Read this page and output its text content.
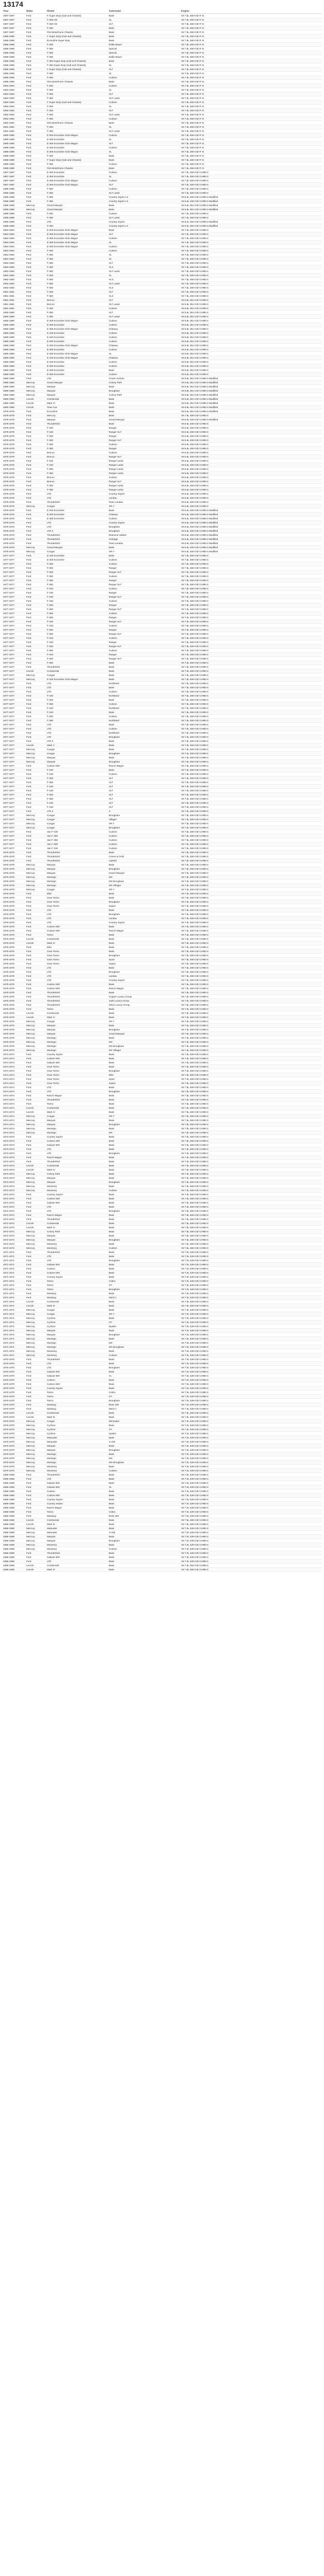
13174
Year	Make	Model	Submodel	Engine
1997-1997	Ford	F Super Duty (Cab and Chassis)	Base	V8 7.5L 460-CID FI N
1997-1997	Ford	F-250 HD	XL	V8 7.5L 460-CID FI N
1997-1997	Ford	F-250 HD	XLT	V8 7.5L 460-CID FI N
1997-1997	Ford	F-350	Base	V8 7.5L 460-CID FI N
1997-1997	Ford	F53 Motorhome Chassis	Base	V8 7.5L 460-CID FI N
1996-1996	Ford	F Super Duty (Cab and Chassis)	Base	V8 7.5L 460-CID FI N
1996-1996	Ford	Econoline Super Duty	Base	V8 7.5L 460-CID FI N
1996-1996	Ford	F-250	Eddie Bauer	V8 7.5L 460-CID FI N
1996-1996	Ford	F-250	Special	V8 7.5L 460-CID FI N
1996-1996	Ford	F-350	Special	V8 7.5L 460-CID FI N
1996-1996	Ford	F-350	Eddie Bauer	V8 7.5L 460-CID FI N
1996-1996	Ford	F-350 Super Duty (Cab and Chassis)	Base	V8 7.5L 460-CID FI N
1995-1995	Ford	F-350 Super Duty (Cab and Chassis)	XL	V8 7.5L 460-CID FI N
1995-1995	Ford	F Super Duty (Cab and Chassis)	XLT	V8 7.5L 460-CID FI N
1995-1995	Ford	F-350	XL	V8 7.5L 460-CID FI N
1995-1995	Ford	F-350	Custom	V8 7.5L 460-CID FI N
1995-1995	Ford	F53 Motorhome Chassis	Base	V8 7.5L 460-CID FI N
1994-1994	Ford	F-250	Custom	V8 7.5L 460-CID FI N
1994-1994	Ford	F-250	XL	V8 7.5L 460-CID FI N
1994-1994	Ford	F-250	XLT	V8 7.5L 460-CID FI N
1994-1994	Ford	F-350	XLT Lariat	V8 7.5L 460-CID FI N
1993-1993	Ford	F Super Duty (Cab and Chassis)	Custom	V8 7.5L 460-CID FI N
1993-1993	Ford	F-250	XL	V8 7.5L 460-CID FI N
1993-1993	Ford	F-250	XLT	V8 7.5L 460-CID FI N
1992-1992	Ford	F-250	XLT Lariat	V8 7.5L 460-CID FI N
1992-1992	Ford	F-350	Custom	V8 7.5L 460-CID FI N
1992-1992	Ford	F53 Motorhome Chassis	Base	V8 7.5L 460-CID FI N
1991-1991	Ford	F-250	XL	V8 7.5L 460-CID FI N
1991-1991	Ford	F-350	XLT Lariat	V8 7.5L 460-CID FI N
1990-1990	Ford	E-250 Econoline Club Wagon	Custom	V8 7.5L 460-CID FI N
1990-1990	Ford	E-350 Econoline	XL	V8 7.5L 460-CID FI N
1990-1990	Ford	E-350 Econoline Club Wagon	XLT	V8 7.5L 460-CID FI N
1989-1989	Ford	E-250 Econoline	Custom	V8 7.5L 460-CID FI N
1989-1989	Ford	E-350 Econoline Club Wagon	XL	V8 7.5L 460-CID FI N
1989-1989	Ford	F-250	Base	V8 7.5L 460-CID FI N
1988-1988	Ford	F Super Duty (Cab and Chassis)	Base	V8 7.5L 460-CID FI N
1988-1988	Ford	F-350	Custom	V8 7.5L 460-CID FI N
1988-1988	Ford	F53 Motorhome Chassis	Base	V8 7.5L 460-CID FI N
1987-1987	Ford	E-250 Econoline	Custom	V8 7.5L 460-CID CARB N
1987-1987	Ford	E-350 Econoline	XL	V8 7.5L 460-CID CARB N
1987-1987	Ford	E-350 Econoline Club Wagon	Custom	V8 7.5L 460-CID CARB N
1987-1987	Ford	E-350 Econoline Club Wagon	XLT	V8 7.5L 460-CID CARB N
1986-1986	Ford	F-250	Custom	V8 7.5L 460-CID CARB N
1986-1986	Ford	F-350	XLT Lariat	V8 7.5L 460-CID CARB N
1986-1986	Ford	F-250	Country Squire LX	V8 6.6L 400-CID CARB N Modified
1986-1986	Ford	F-350	Country Squire LX	V8 6.6L 400-CID CARB N Modified
1986-1986	Mercury	Grand Marquis	Base	V8 5.8L 351-CID CARB N Modified
1986-1986	Mercury	Grand Marquis	Base	V8 5.8L 351-CID CARB N Modified
1985-1985	Ford	F-250	Custom	V8 7.5L 460-CID CARB N
1985-1985	Ford	F-350	XLT Lariat	V8 7.5L 460-CID CARB N
1985-1985	Ford	LTD	Country Squire	V8 5.0L 302-CID CARB N Modified
1985-1985	Ford	F-250	Country Squire LX	V8 5.0L 302-CID CARB N Modified
1984-1984	Ford	E-250 Econoline Club Wagon	Base	V8 7.5L 460-CID CARB N
1984-1984	Ford	E-350 Econoline Club Wagon	XLT	V8 7.5L 460-CID CARB N
1984-1984	Ford	E-350 Econoline Club Wagon	Custom	V8 7.5L 460-CID CARB N
1984-1984	Ford	E-350 Econoline Club Wagon	XL	V8 7.5L 460-CID CARB N
1984-1984	Ford	E-350 Econoline Club Wagon	Custom	V8 7.5L 460-CID CARB N
1984-1984	Ford	F-250	Custom	V8 7.5L 460-CID CARB N
1984-1984	Ford	F-250	XL	V8 7.5L 460-CID CARB N
1984-1984	Ford	F-350	XL	V8 7.5L 460-CID CARB N
1983-1983	Ford	F-250	XLT	V8 7.5L 460-CID CARB N
1983-1983	Ford	F-350	XLS	V8 7.5L 460-CID CARB N
1983-1983	Ford	F-350	XLT Lariat	V8 7.5L 460-CID CARB N
1982-1982	Ford	F-250	XL	V8 7.5L 460-CID CARB N
1982-1982	Ford	F-250	XLS	V8 7.5L 460-CID CARB N
1982-1982	Ford	F-350	XLT Lariat	V8 7.5L 460-CID CARB N
1982-1982	Ford	F-350	XLS	V8 7.5L 460-CID CARB N
1981-1981	Ford	F-250	XLT	V8 7.5L 460-CID CARB N
1981-1981	Ford	F-350	XLS	V8 7.5L 460-CID CARB N
1981-1981	Ford	Bronco	XLT	V8 5.8L 351-CID CARB N
1981-1981	Ford	Bronco	XLT Lariat	V8 5.8L 351-CID CARB N
1981-1981	Ford	F-250	Custom	V8 5.8L 351-CID CARB N
1980-1980	Ford	F-250	XLT	V8 5.8L 351-CID CARB N
1980-1980	Ford	F-350	XLT Lariat	V8 5.8L 351-CID CARB N
1980-1980	Ford	E-250 Econoline Club Wagon	Custom	V8 5.8L 351-CID CARB N
1980-1980	Ford	E-350 Econoline	Custom	V8 5.8L 351-CID CARB N
1980-1980	Ford	E-350 Econoline Club Wagon	Chateau	V8 5.8L 351-CID CARB N
1980-1980	Ford	E-100 Econoline	Custom	V8 5.8L 351-CID CARB N
1980-1980	Ford	E-150 Econoline	Custom	V8 5.8L 351-CID CARB N
1980-1980	Ford	E-250 Econoline	Custom	V8 5.8L 351-CID CARB N
1980-1980	Ford	E-250 Econoline Club Wagon	Chateau	V8 5.8L 351-CID CARB N
1980-1980	Ford	E-350 Econoline	Custom	V8 5.8L 351-CID CARB N
1980-1980	Ford	E-350 Econoline Club Wagon	XL	V8 5.8L 351-CID CARB N
1980-1980	Ford	E-100 Econoline Club Wagon	Chateau	V8 5.8L 351-CID CARB N
1980-1980	Ford	E-150 Econoline	Custom	V8 5.8L 351-CID CARB N
1980-1980	Ford	E-250 Econoline	Custom	V8 5.8L 351-CID CARB N
1980-1980	Ford	E-250 Econoline	Base	V8 5.8L 351-CID CARB N
1980-1980	Ford	E-350 Econoline	Custom	V8 5.8L 351-CID CARB N
1980-1980	Ford	LTD	Crown Victoria	V8 5.8L 351-CID CARB N Modified
1980-1980	Mercury	Grand Marquis	Colony Park	V8 5.8L 351-CID CARB N Modified
1980-1980	Mercury	Marquis	Base	V8 5.8L 351-CID CARB N Modified
1980-1980	Mercury	Marquis	Brougham	V8 5.8L 351-CID CARB N Modified
1980-1980	Mercury	Marquis	Colony Park	V8 5.8L 351-CID CARB N Modified
1980-1980	Lincoln	Continental	Base	V8 5.8L 351-CID CARB N Modified
1980-1980	Lincoln	Mark VI	Base	V8 5.8L 351-CID CARB N Modified
1980-1980	Lincoln	Town Car	Base	V8 5.8L 351-CID CARB N Modified
1979-1979	Ford	Econoline	Base	V8 5.8L 351-CID CARB N Modified
1979-1979	Ford	Mercury	Base	V8 7.5L 460-CID CARB N
1979-1979	Ford	Marquis	Grand Marquis	V8 6.6L 400-CID CARB N Modified
1979-1979	Ford	Thunderbird	Base	V8 6.6L 400-CID CARB N
1979-1979	Ford	F-100	Ranger	V8 6.6L 400-CID CARB N
1979-1979	Ford	F-150	Ranger XLT	V8 6.6L 400-CID CARB N
1979-1979	Ford	F-250	Ranger	V8 6.6L 400-CID CARB N
1979-1979	Ford	F-250	Ranger XLT	V8 6.6L 400-CID CARB N
1979-1979	Ford	F-350	Custom	V8 6.6L 400-CID CARB N
1979-1979	Ford	F-350	Ranger	V8 6.6L 400-CID CARB N
1979-1979	Ford	Bronco	Custom	V8 6.6L 400-CID CARB N
1979-1979	Ford	Bronco	Ranger XLT	V8 6.6L 400-CID CARB N
1979-1979	Ford	F-100	Ranger Lariat	V8 6.6L 400-CID CARB N
1979-1979	Ford	F-150	Ranger Lariat	V8 6.6L 400-CID CARB N
1979-1979	Ford	F-250	Ranger Lariat	V8 6.6L 400-CID CARB N
1979-1979	Ford	F-350	Ranger Lariat	V8 6.6L 400-CID CARB N
1979-1979	Ford	Bronco	Custom	V8 6.6L 400-CID CARB N
1979-1979	Ford	Bronco	Ranger XLT	V8 6.6L 400-CID CARB N
1979-1979	Ford	F-250	Ranger Lariat	V8 6.6L 400-CID CARB N
1979-1979	Ford	F-350	Ranger Lariat	V8 6.6L 400-CID CARB N
1979-1979	Ford	LTD	Country Squire	V8 6.6L 400-CID CARB N
1979-1979	Ford	LTD	Landau	V8 6.6L 400-CID CARB N
1979-1979	Ford	Thunderbird	Town Landau	V8 6.6L 400-CID CARB N
1979-1979	Mercury	Cougar	XR-7	V8 6.6L 400-CID CARB N
1978-1978	Ford	E-150 Econoline	Base	V8 6.6L 400-CID CARB N Modified
1978-1978	Ford	E-250 Econoline	Chateau	V8 6.6L 400-CID CARB N Modified
1978-1978	Ford	E-350 Econoline	Custom	V8 6.6L 400-CID CARB N Modified
1978-1978	Ford	LTD	Country Squire	V8 6.6L 400-CID CARB N Modified
1978-1978	Ford	LTD	Brougham	V8 6.6L 400-CID CARB N Modified
1978-1978	Ford	LTD II	Brougham	V8 6.6L 400-CID CARB N Modified
1978-1978	Ford	Thunderbird	Diamond Jubilee	V8 6.6L 400-CID CARB N Modified
1978-1978	Ford	Thunderbird	Heritage	V8 6.6L 400-CID CARB N Modified
1978-1978	Ford	Thunderbird	Town Landau	V8 6.6L 400-CID CARB N Modified
1978-1978	Mercury	Grand Marquis	Base	V8 6.6L 400-CID CARB N Modified
1978-1978	Mercury	Cougar	XR-7	V8 6.6L 400-CID CARB N Modified
1977-1977	Ford	E-100 Econoline	Base	V8 7.5L 460-CID CARB N
1977-1977	Ford	E-250 Econoline	Custom	V8 7.5L 460-CID CARB N
1977-1977	Ford	F-250	Custom	V8 7.5L 460-CID CARB N
1977-1977	Ford	F-250	Ranger	V8 7.5L 460-CID CARB N
1977-1977	Ford	F-250	Ranger XLT	V8 7.5L 460-CID CARB N
1977-1977	Ford	F-350	Custom	V8 7.5L 460-CID CARB N
1977-1977	Ford	F-350	Ranger	V8 7.5L 460-CID CARB N
1977-1977	Ford	F-350	Ranger XLT	V8 7.5L 460-CID CARB N
1977-1977	Ford	F-100	Custom	V8 7.5L 460-CID CARB N
1977-1977	Ford	F-100	Ranger	V8 7.5L 460-CID CARB N
1977-1977	Ford	F-150	Ranger XLT	V8 7.5L 460-CID CARB N
1977-1977	Ford	F-150	Custom	V8 7.5L 460-CID CARB N
1977-1977	Ford	F-250	Ranger	V8 7.5L 460-CID CARB N
1977-1977	Ford	F-250	Ranger XLT	V8 7.5L 460-CID CARB N
1977-1977	Ford	F-350	Custom	V8 7.5L 460-CID CARB N
1977-1977	Ford	F-350	Ranger	V8 7.5L 460-CID CARB N
1977-1977	Ford	F-100	Ranger XLT	V8 7.5L 460-CID CARB N
1977-1977	Ford	F-150	Custom	V8 7.5L 460-CID CARB N
1977-1977	Ford	F-250	Ranger	V8 7.5L 460-CID CARB N
1977-1977	Ford	F-350	Ranger XLT	V8 7.5L 460-CID CARB N
1977-1977	Ford	F-100	Custom	V8 7.5L 460-CID CARB N
1977-1977	Ford	F-150	Ranger	V8 7.5L 460-CID CARB N
1977-1977	Ford	F-250	Ranger XLT	V8 7.5L 460-CID CARB N
1977-1977	Ford	F-350	Custom	V8 7.5L 460-CID CARB N
1977-1977	Ford	F-100	Ranger	V8 7.5L 460-CID CARB N
1977-1977	Ford	F-250	Ranger XLT	V8 7.5L 460-CID CARB N
1977-1977	Ford	F-350	Base	V8 7.5L 460-CID CARB N
1977-1977	Ford	Thunderbird	Base	V8 7.5L 460-CID CARB N
1977-1977	Lincoln	Continental	Base	V8 7.5L 460-CID CARB N
1977-1977	Mercury	Cougar	Base	V8 7.5L 460-CID CARB N
1977-1977	Mercury	E-150 Econoline Club Wagon	Base	V8 7.5L 460-CID CARB N
1977-1977	Ford	LTD	Northland	V8 7.5L 460-CID CARB N
1977-1977	Ford	LTD	Base	V8 7.5L 460-CID CARB N
1977-1977	Ford	LTD	Custom	V8 7.5L 460-CID CARB N
1977-1977	Ford	F-100	Northland	V8 7.5L 460-CID CARB N
1977-1977	Ford	F-250	Base	V8 7.5L 460-CID CARB N
1977-1977	Ford	F-350	Custom	V8 7.5L 460-CID CARB N
1977-1977	Ford	F-100	Northland	V8 7.5L 460-CID CARB N
1977-1977	Ford	F-150	Base	V8 7.5L 460-CID CARB N
1977-1977	Ford	F-250	Custom	V8 7.5L 460-CID CARB N
1977-1977	Ford	F-350	Northland	V8 7.5L 460-CID CARB N
1977-1977	Ford	LTD	Base	V8 7.5L 460-CID CARB N
1977-1977	Ford	LTD	Custom	V8 7.5L 460-CID CARB N
1977-1977	Ford	LTD	Northland	V8 7.5L 460-CID CARB N
1977-1977	Ford	LTD	Brougham	V8 7.5L 460-CID CARB N
1977-1977	Ford	LTD II	Base	V8 7.5L 460-CID CARB N
1977-1977	Lincoln	Mark V	Base	V8 7.5L 460-CID CARB N
1977-1977	Mercury	Cougar	Base	V8 7.5L 460-CID CARB N
1977-1977	Mercury	Cougar	Brougham	V8 7.5L 460-CID CARB N
1977-1977	Mercury	Marquis	Base	V8 7.5L 460-CID CARB N
1977-1977	Mercury	Marquis	Brougham	V8 7.5L 460-CID CARB N
1977-1977	Ford	Custom 500	Ranch Wagon	V8 7.5L 460-CID CARB N
1977-1977	Ford	F-100	Base	V8 7.5L 460-CID CARB N
1977-1977	Ford	F-150	Custom	V8 7.5L 460-CID CARB N
1977-1977	Ford	F-250	XLT	V8 7.5L 460-CID CARB N
1977-1977	Ford	F-350	XLT	V8 7.5L 460-CID CARB N
1977-1977	Ford	F-100	XLT	V8 7.5L 460-CID CARB N
1977-1977	Ford	F-150	XLT	V8 7.5L 460-CID CARB N
1977-1977	Ford	F-250	XLT	V8 7.5L 460-CID CARB N
1977-1977	Ford	F-350	XLT	V8 7.5L 460-CID CARB N
1977-1977	Ford	F-100	XLT	V8 7.5L 460-CID CARB N
1977-1977	Ford	F-150	XLT	V8 7.5L 460-CID CARB N
1977-1977	Ford	LTD II	S	V8 7.5L 460-CID CARB N
1977-1977	Mercury	Cougar	Brougham	V8 7.5L 460-CID CARB N
1977-1977	Mercury	Cougar	Villager	V8 7.5L 460-CID CARB N
1977-1977	Mercury	Cougar	XR-7	V8 7.5L 460-CID CARB N
1977-1977	Mercury	Cougar	Brougham	V8 7.5L 460-CID CARB N
1977-1977	Ford	Van F-100	Custom	V8 7.5L 460-CID CARB N
1977-1977	Ford	Van F-250	Custom	V8 7.5L 460-CID CARB N
1977-1977	Ford	Van F-350	Custom	V8 7.5L 460-CID CARB N
1977-1977	Ford	Van F-500	Custom	V8 7.5L 460-CID CARB N
1977-1977	Ford	Van F-100	Custom	V8 7.5L 460-CID CARB N
1976-1976	Ford	Thunderbird	Base	V8 7.5L 460-CID CARB N
1976-1976	Ford	Thunderbird	Creme & Gold	V8 7.5L 460-CID CARB N
1976-1976	Ford	Thunderbird	Lipstick	V8 7.5L 460-CID CARB N
1976-1976	Mercury	Marquis	Base	V8 7.5L 460-CID CARB N
1976-1976	Mercury	Marquis	Brougham	V8 7.5L 460-CID CARB N
1976-1976	Mercury	Marquis	Grand Marquis	V8 7.5L 460-CID CARB N
1976-1976	Mercury	Montego	MX	V8 7.5L 460-CID CARB N
1976-1976	Mercury	Montego	MX Brougham	V8 7.5L 460-CID CARB N
1976-1976	Mercury	Montego	MX Villager	V8 7.5L 460-CID CARB N
1976-1976	Mercury	Cougar	XR-7	V8 7.5L 460-CID CARB N
1976-1976	Ford	Elite	Base	V8 7.5L 460-CID CARB N
1976-1976	Ford	Gran Torino	Base	V8 7.5L 460-CID CARB N
1976-1976	Ford	Gran Torino	Brougham	V8 7.5L 460-CID CARB N
1976-1976	Ford	Gran Torino	Squire	V8 7.5L 460-CID CARB N
1976-1976	Ford	LTD	Base	V8 7.5L 460-CID CARB N
1976-1976	Ford	LTD	Brougham	V8 7.5L 460-CID CARB N
1976-1976	Ford	LTD	Landau	V8 7.5L 460-CID CARB N
1976-1976	Ford	LTD	Country Squire	V8 7.5L 460-CID CARB N
1976-1976	Ford	Custom 500	Base	V8 7.5L 460-CID CARB N
1976-1976	Ford	Custom 500	Ranch Wagon	V8 7.5L 460-CID CARB N
1976-1976	Ford	Torino	Base	V8 7.5L 460-CID CARB N
1976-1976	Lincoln	Continental	Base	V8 7.5L 460-CID CARB N
1976-1976	Lincoln	Mark IV	Base	V8 7.5L 460-CID CARB N
1975-1975	Ford	Elite	Base	V8 7.5L 460-CID CARB N
1975-1975	Ford	Gran Torino	Base	V8 7.5L 460-CID CARB N
1975-1975	Ford	Gran Torino	Brougham	V8 7.5L 460-CID CARB N
1975-1975	Ford	Gran Torino	Sport	V8 7.5L 460-CID CARB N
1975-1975	Ford	Gran Torino	Squire	V8 7.5L 460-CID CARB N
1975-1975	Ford	LTD	Base	V8 7.5L 460-CID CARB N
1975-1975	Ford	LTD	Brougham	V8 7.5L 460-CID CARB N
1975-1975	Ford	LTD	Landau	V8 7.5L 460-CID CARB N
1975-1975	Ford	LTD	Country Squire	V8 7.5L 460-CID CARB N
1975-1975	Ford	Custom 500	Base	V8 7.5L 460-CID CARB N
1975-1975	Ford	Custom 500	Ranch Wagon	V8 7.5L 460-CID CARB N
1975-1975	Ford	Thunderbird	Base	V8 7.5L 460-CID CARB N
1975-1975	Ford	Thunderbird	Copper Luxury Group	V8 7.5L 460-CID CARB N
1975-1975	Ford	Thunderbird	Jade Luxury Group	V8 7.5L 460-CID CARB N
1975-1975	Ford	Thunderbird	Silver Luxury Group	V8 7.5L 460-CID CARB N
1975-1975	Ford	Torino	Base	V8 7.5L 460-CID CARB N
1975-1975	Lincoln	Continental	Base	V8 7.5L 460-CID CARB N
1975-1975	Lincoln	Mark IV	Base	V8 7.5L 460-CID CARB N
1975-1975	Mercury	Cougar	XR-7	V8 7.5L 460-CID CARB N
1975-1975	Mercury	Marquis	Base	V8 7.5L 460-CID CARB N
1975-1975	Mercury	Marquis	Brougham	V8 7.5L 460-CID CARB N
1975-1975	Mercury	Marquis	Grand Marquis	V8 7.5L 460-CID CARB N
1975-1975	Mercury	Montego	Base	V8 7.5L 460-CID CARB N
1975-1975	Mercury	Montego	MX	V8 7.5L 460-CID CARB N
1975-1975	Mercury	Montego	MX Brougham	V8 7.5L 460-CID CARB N
1975-1975	Mercury	Montego	MX Villager	V8 7.5L 460-CID CARB N
1974-1974	Ford	Country Squire	Base	V8 7.5L 460-CID CARB N
1974-1974	Ford	Custom 500	Base	V8 7.5L 460-CID CARB N
1974-1974	Ford	Galaxie 500	Base	V8 7.5L 460-CID CARB N
1974-1974	Ford	Gran Torino	Base	V8 7.5L 460-CID CARB N
1974-1974	Ford	Gran Torino	Brougham	V8 7.5L 460-CID CARB N
1974-1974	Ford	Gran Torino	Elite	V8 7.5L 460-CID CARB N
1974-1974	Ford	Gran Torino	Sport	V8 7.5L 460-CID CARB N
1974-1974	Ford	Gran Torino	Squire	V8 7.5L 460-CID CARB N
1974-1974	Ford	LTD	Base	V8 7.5L 460-CID CARB N
1974-1974	Ford	LTD	Brougham	V8 7.5L 460-CID CARB N
1974-1974	Ford	Ranch Wagon	Base	V8 7.5L 460-CID CARB N
1974-1974	Ford	Thunderbird	Base	V8 7.5L 460-CID CARB N
1974-1974	Ford	Torino	Base	V8 7.5L 460-CID CARB N
1974-1974	Lincoln	Continental	Base	V8 7.5L 460-CID CARB N
1974-1974	Lincoln	Mark IV	Base	V8 7.5L 460-CID CARB N
1974-1974	Mercury	Cougar	XR-7	V8 7.5L 460-CID CARB N
1974-1974	Mercury	Marquis	Base	V8 7.5L 460-CID CARB N
1974-1974	Mercury	Marquis	Brougham	V8 7.5L 460-CID CARB N
1974-1974	Mercury	Montego	Base	V8 7.5L 460-CID CARB N
1974-1974	Mercury	Montego	MX	V8 7.5L 460-CID CARB N
1973-1973	Ford	Country Squire	Base	V8 7.5L 460-CID CARB N
1973-1973	Ford	Custom 500	Base	V8 7.5L 460-CID CARB N
1973-1973	Ford	Galaxie 500	Base	V8 7.5L 460-CID CARB N
1973-1973	Ford	LTD	Base	V8 7.5L 460-CID CARB N
1973-1973	Ford	LTD	Brougham	V8 7.5L 460-CID CARB N
1973-1973	Ford	Ranch Wagon	Base	V8 7.5L 460-CID CARB N
1973-1973	Ford	Thunderbird	Base	V8 7.5L 460-CID CARB N
1973-1973	Lincoln	Continental	Base	V8 7.5L 460-CID CARB N
1973-1973	Lincoln	Mark IV	Base	V8 7.5L 460-CID CARB N
1973-1973	Mercury	Colony Park	Base	V8 7.5L 460-CID CARB N
1973-1973	Mercury	Marquis	Base	V8 7.5L 460-CID CARB N
1973-1973	Mercury	Marquis	Brougham	V8 7.5L 460-CID CARB N
1973-1973	Mercury	Monterey	Base	V8 7.5L 460-CID CARB N
1973-1973	Mercury	Monterey	Custom	V8 7.5L 460-CID CARB N
1972-1972	Ford	Country Squire	Base	V8 7.5L 460-CID CARB N
1972-1972	Ford	Custom 500	Base	V8 7.5L 460-CID CARB N
1972-1972	Ford	Galaxie 500	Base	V8 7.5L 460-CID CARB N
1972-1972	Ford	LTD	Base	V8 7.5L 460-CID CARB N
1972-1972	Ford	LTD	Brougham	V8 7.5L 460-CID CARB N
1972-1972	Ford	Ranch Wagon	Base	V8 7.5L 460-CID CARB N
1972-1972	Ford	Thunderbird	Base	V8 7.5L 460-CID CARB N
1972-1972	Lincoln	Continental	Base	V8 7.5L 460-CID CARB N
1972-1972	Lincoln	Mark IV	Base	V8 7.5L 460-CID CARB N
1972-1972	Mercury	Colony Park	Base	V8 7.5L 460-CID CARB N
1972-1972	Mercury	Marquis	Base	V8 7.5L 460-CID CARB N
1972-1972	Mercury	Marquis	Brougham	V8 7.5L 460-CID CARB N
1972-1972	Mercury	Monterey	Base	V8 7.5L 460-CID CARB N
1972-1972	Mercury	Monterey	Custom	V8 7.5L 460-CID CARB N
1971-1971	Ford	Thunderbird	Base	V8 7.0L 429-CID CARB N
1971-1971	Ford	LTD	Base	V8 7.0L 429-CID CARB N
1971-1971	Ford	LTD	Brougham	V8 7.0L 429-CID CARB N
1971-1971	Ford	Galaxie 500	Base	V8 7.0L 429-CID CARB N
1971-1971	Ford	Custom	Base	V8 7.0L 429-CID CARB N
1971-1971	Ford	Custom 500	Base	V8 7.0L 429-CID CARB N
1971-1971	Ford	Country Squire	Base	V8 7.0L 429-CID CARB N
1971-1971	Ford	Torino	Cobra	V8 7.0L 429-CID CARB N
1971-1971	Ford	Torino	GT	V8 7.0L 429-CID CARB N
1971-1971	Ford	Torino	Brougham	V8 7.0L 429-CID CARB N
1971-1971	Ford	Mustang	Base	V8 7.0L 429-CID CARB N
1971-1971	Ford	Mustang	Mach 1	V8 7.0L 429-CID CARB N
1971-1971	Lincoln	Continental	Base	V8 7.5L 460-CID CARB N
1971-1971	Lincoln	Mark III	Base	V8 7.5L 460-CID CARB N
1971-1971	Mercury	Cougar	Base	V8 7.0L 429-CID CARB N
1971-1971	Mercury	Cougar	XR-7	V8 7.0L 429-CID CARB N
1971-1971	Mercury	Cyclone	Base	V8 7.0L 429-CID CARB N
1971-1971	Mercury	Cyclone	GT	V8 7.0L 429-CID CARB N
1971-1971	Mercury	Cyclone	Spoiler	V8 7.0L 429-CID CARB N
1971-1971	Mercury	Marquis	Base	V8 7.0L 429-CID CARB N
1971-1971	Mercury	Marquis	Brougham	V8 7.0L 429-CID CARB N
1971-1971	Mercury	Montego	Base	V8 7.0L 429-CID CARB N
1971-1971	Mercury	Montego	MX	V8 7.0L 429-CID CARB N
1971-1971	Mercury	Montego	MX Brougham	V8 7.0L 429-CID CARB N
1971-1971	Mercury	Monterey	Base	V8 7.0L 429-CID CARB N
1971-1971	Mercury	Monterey	Custom	V8 7.0L 429-CID CARB N
1970-1970	Ford	Thunderbird	Base	V8 7.0L 429-CID CARB N
1970-1970	Ford	LTD	Base	V8 7.0L 429-CID CARB N
1970-1970	Ford	LTD	Brougham	V8 7.0L 429-CID CARB N
1970-1970	Ford	Galaxie 500	Base	V8 7.0L 429-CID CARB N
1970-1970	Ford	Galaxie 500	XL	V8 7.0L 429-CID CARB N
1970-1970	Ford	Custom	Base	V8 7.0L 429-CID CARB N
1970-1970	Ford	Custom 500	Base	V8 7.0L 429-CID CARB N
1970-1970	Ford	Country Squire	Base	V8 7.0L 429-CID CARB N
1970-1970	Ford	Torino	Cobra	V8 7.0L 429-CID CARB N
1970-1970	Ford	Torino	GT	V8 7.0L 429-CID CARB N
1970-1970	Ford	Torino	Brougham	V8 7.0L 429-CID CARB N
1970-1970	Ford	Mustang	Boss 429	V8 7.0L 429-CID CARB N
1970-1970	Ford	Mustang	Mach 1	V8 7.0L 429-CID CARB N
1970-1970	Lincoln	Continental	Base	V8 7.5L 460-CID CARB N
1970-1970	Lincoln	Mark III	Base	V8 7.5L 460-CID CARB N
1970-1970	Mercury	Cougar	Eliminator	V8 7.0L 429-CID CARB N
1970-1970	Mercury	Cyclone	Base	V8 7.0L 429-CID CARB N
1970-1970	Mercury	Cyclone	GT	V8 7.0L 429-CID CARB N
1970-1970	Mercury	Cyclone	Spoiler	V8 7.0L 429-CID CARB N
1970-1970	Mercury	Marauder	Base	V8 7.0L 429-CID CARB N
1970-1970	Mercury	Marauder	X-100	V8 7.0L 429-CID CARB N
1970-1970	Mercury	Marquis	Base	V8 7.0L 429-CID CARB N
1970-1970	Mercury	Marquis	Brougham	V8 7.0L 429-CID CARB N
1970-1970	Mercury	Montego	Base	V8 7.0L 429-CID CARB N
1970-1970	Mercury	Montego	MX	V8 7.0L 429-CID CARB N
1970-1970	Mercury	Montego	MX Brougham	V8 7.0L 429-CID CARB N
1970-1970	Mercury	Monterey	Base	V8 7.0L 429-CID CARB N
1970-1970	Mercury	Monterey	Custom	V8 7.0L 429-CID CARB N
1969-1969	Ford	Thunderbird	Base	V8 7.0L 429-CID CARB N
1969-1969	Ford	LTD	Base	V8 7.0L 429-CID CARB N
1969-1969	Ford	Galaxie 500	Base	V8 7.0L 429-CID CARB N
1969-1969	Ford	Galaxie 500	XL	V8 7.0L 429-CID CARB N
1969-1969	Ford	Custom	Base	V8 7.0L 429-CID CARB N
1969-1969	Ford	Custom 500	Base	V8 7.0L 429-CID CARB N
1969-1969	Ford	Country Squire	Base	V8 7.0L 429-CID CARB N
1969-1969	Ford	Country Sedan	Base	V8 7.0L 429-CID CARB N
1969-1969	Ford	Ranch Wagon	Base	V8 7.0L 429-CID CARB N
1969-1969	Ford	Torino	Cobra	V8 7.0L 428-CID CARB N
1969-1969	Ford	Mustang	Boss 429	V8 7.0L 429-CID CARB N
1969-1969	Lincoln	Continental	Base	V8 7.5L 460-CID CARB N
1969-1969	Lincoln	Mark III	Base	V8 7.5L 460-CID CARB N
1969-1969	Mercury	Marauder	Base	V8 7.0L 429-CID CARB N
1969-1969	Mercury	Marauder	X-100	V8 7.0L 429-CID CARB N
1969-1969	Mercury	Marquis	Base	V8 7.0L 429-CID CARB N
1969-1969	Mercury	Marquis	Brougham	V8 7.0L 429-CID CARB N
1969-1969	Mercury	Monterey	Base	V8 7.0L 429-CID CARB N
1969-1969	Mercury	Monterey	Custom	V8 7.0L 429-CID CARB N
1968-1968	Ford	Thunderbird	Base	V8 7.0L 429-CID CARB N
1968-1968	Ford	Galaxie 500	Base	V8 7.0L 428-CID CARB N
1968-1968	Ford	LTD	Base	V8 7.0L 428-CID CARB N
1968-1968	Lincoln	Continental	Base	V8 7.6L 462-CID CARB N
1968-1968	Lincoln	Mark III	Base	V8 7.5L 460-CID CARB N
